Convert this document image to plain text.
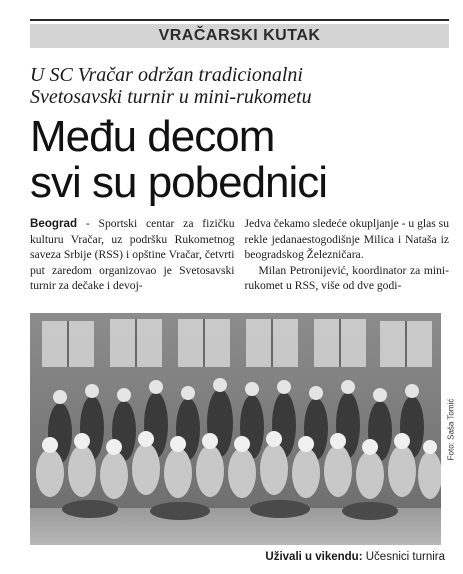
VRAČARSKI KUTAK
U SC Vračar održan tradicionalni
Svetosavski turnir u mini-rukometu
Među decom
svi su pobednici

Beograd - Sportski centar za fizičku kulturu Vračar, uz podršku Rukometnog saveza Srbije (RSS) i opštine Vračar, četvrti put zaredom organizovao je Svetosavski turnir za dečake i devoj-

Jedva čekamo sledeće okupljanje - u glas su rekle jedanaestogodišnje Milica i Nataša iz beogradskog Železničara.

Milan Petronijević, koordinator za mini-rukomet u RSS, više od dve godi-

Foto: Saša Tomić
Uživali u vikendu: Učesnici turnira
